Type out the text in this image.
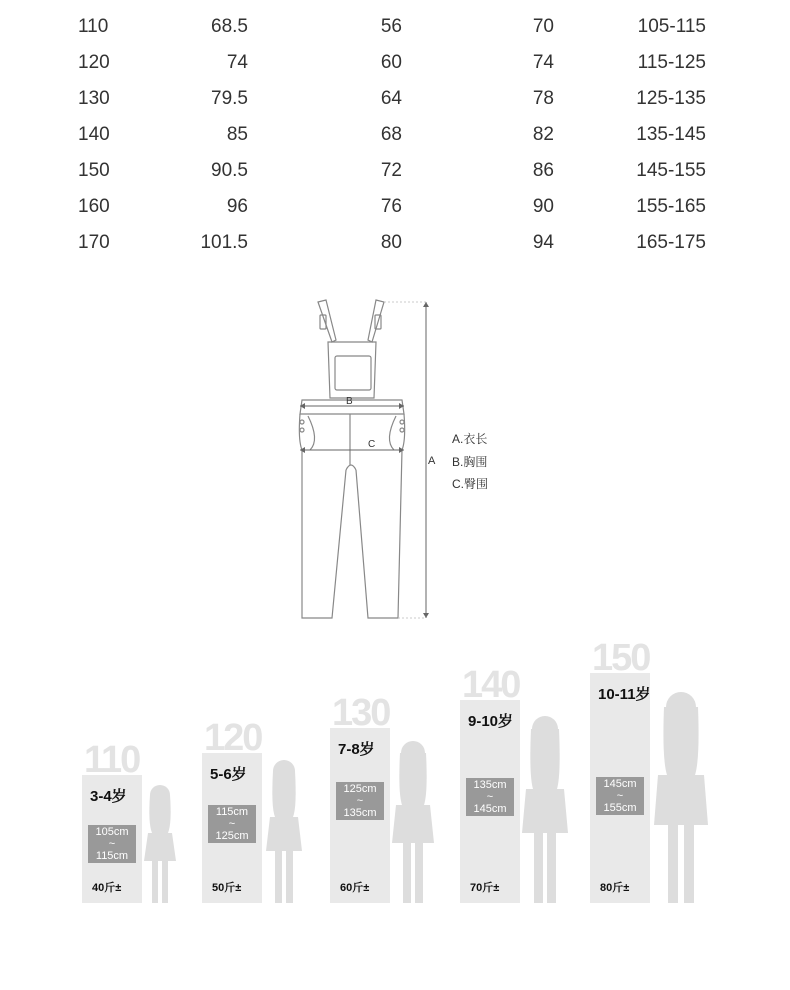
110	68.5	56	70	105-115
120	74	60	74	115-125
130	79.5	64	78	125-135
140	85	68	82	135-145
150	90.5	72	86	145-155
160	96	76	90	155-165
170	101.5	80	94	165-175
B
C
A
A.衣长
B.胸围
C.臀围
110
3-4岁
105cm
~
115cm
40斤±
120
5-6岁
115cm
~
125cm
50斤±
130
7-8岁
125cm
~
135cm
60斤±
140
9-10岁
135cm
~
145cm
70斤±
150
10-11岁
145cm
~
155cm
80斤±
